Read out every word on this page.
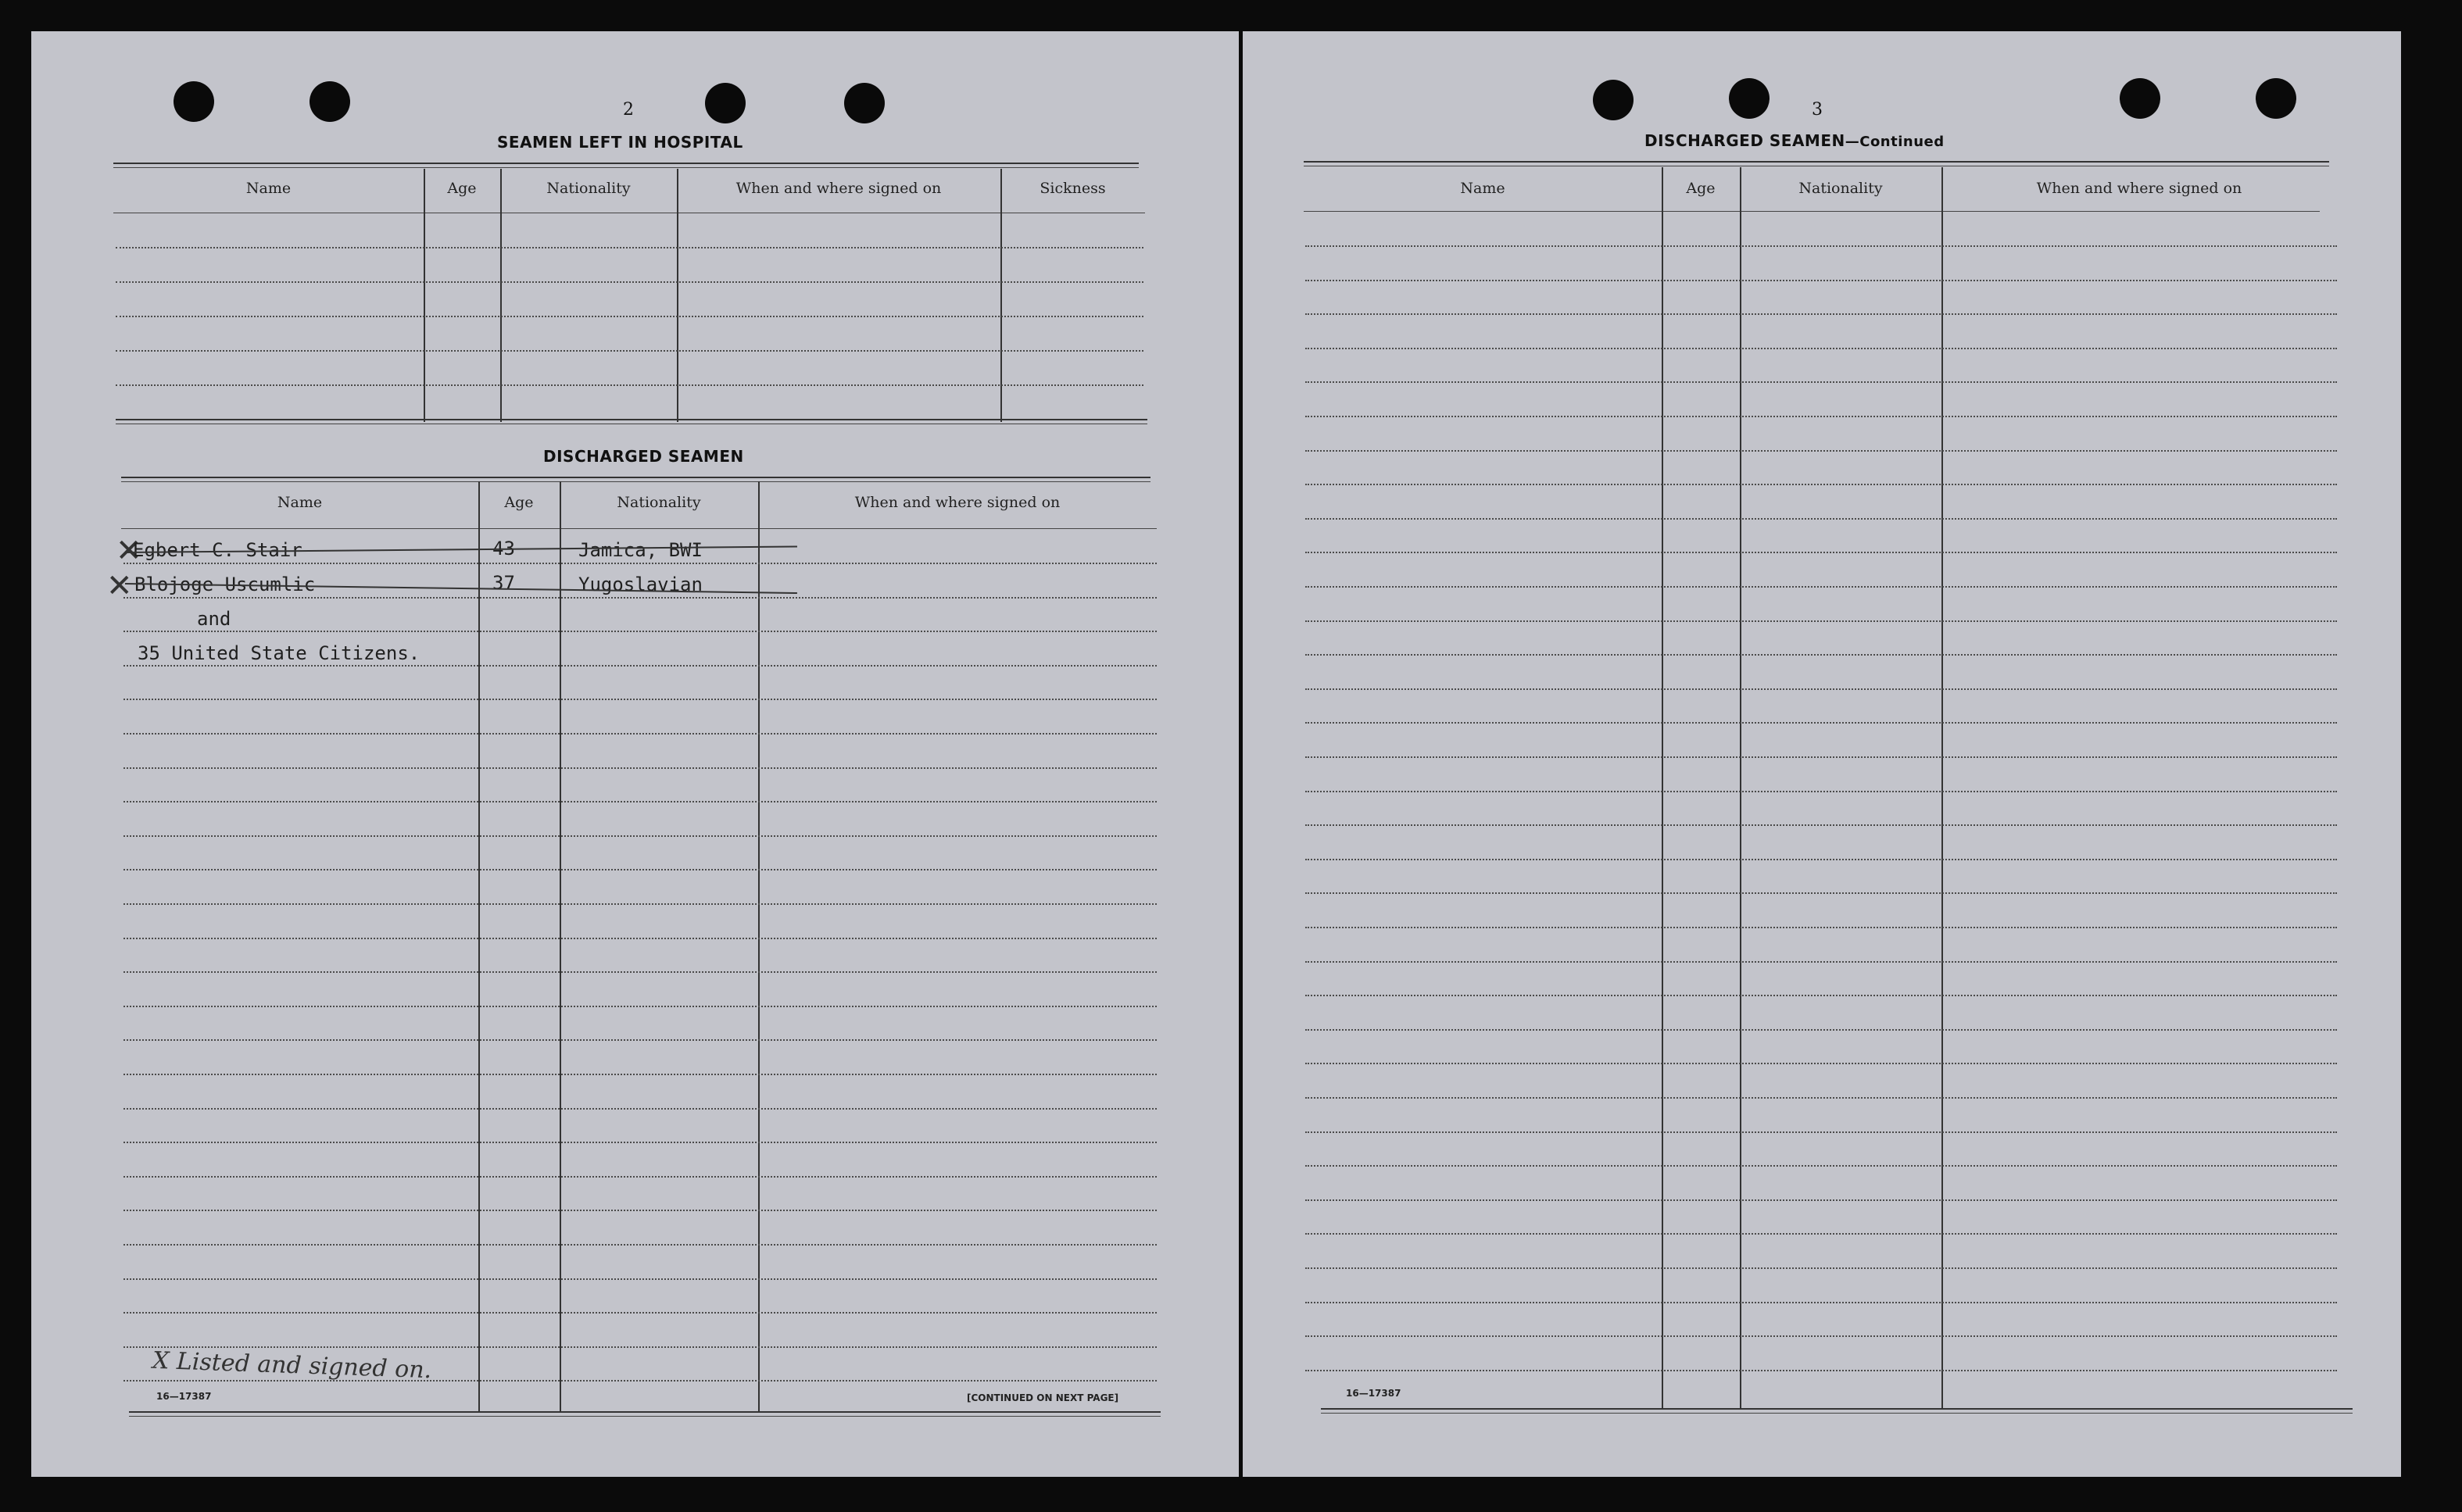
2
SEAMEN LEFT IN HOSPITAL
Name	Age	Nationality	When and where signed on	Sickness
DISCHARGED SEAMEN
Name	Age	Nationality	When and where signed on
✕
Egbert C. Stair	43	Jamica, BWI
✕ Blojoge Uscumlic	37	Yugoslavian
and
35 United State Citizens.
X Listed and signed on.
16—17387	[CONTINUED ON NEXT PAGE]
3
DISCHARGED SEAMEN—Continued
Name	Age	Nationality	When and where signed on
16—17387
